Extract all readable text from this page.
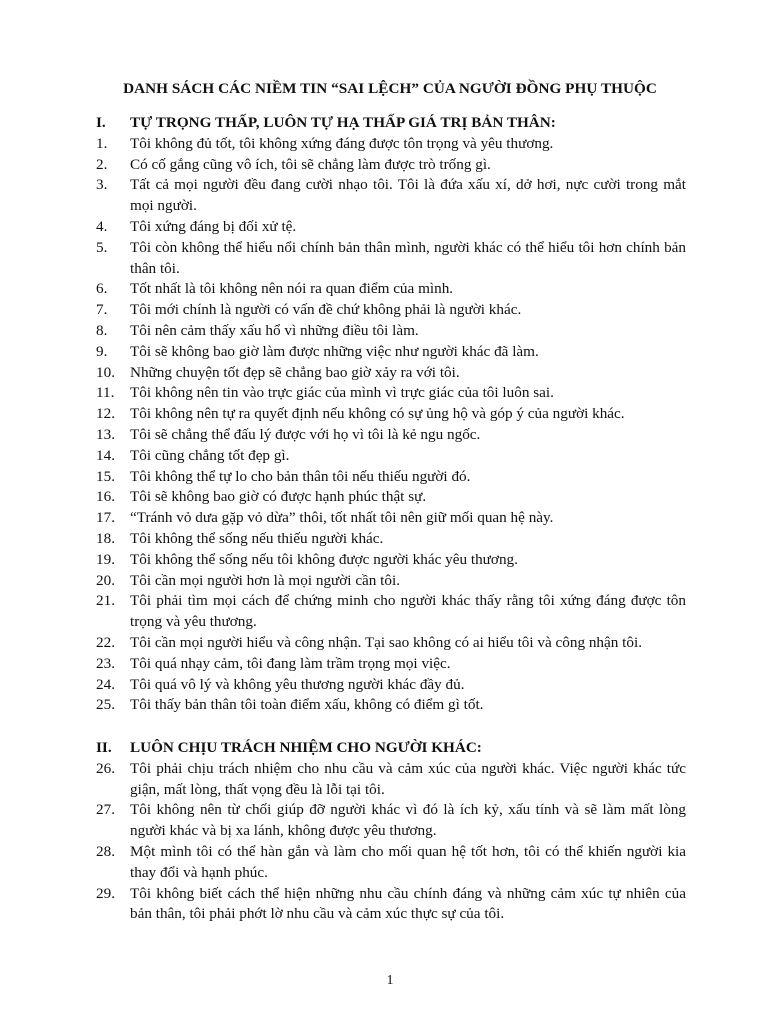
DANH SÁCH CÁC NIỀM TIN “SAI LỆCH” CỦA NGƯỜI ĐỒNG PHỤ THUỘC
I.	TỰ TRỌNG THẤP, LUÔN TỰ HẠ THẤP GIÁ TRỊ BẢN THÂN:
1.	Tôi không đủ tốt, tôi không xứng đáng được tôn trọng và yêu thương.
2.	Có cố gắng cũng vô ích, tôi sẽ chẳng làm được trò trống gì.
3.	Tất cả mọi người đều đang cười nhạo tôi. Tôi là đứa xấu xí, dở hơi, nực cười trong mắt mọi người.
4.	Tôi xứng đáng bị đối xử tệ.
5.	Tôi còn không thể hiểu nổi chính bản thân mình, người khác có thể hiểu tôi hơn chính bản thân tôi.
6.	Tốt nhất là tôi không nên nói ra quan điểm của mình.
7.	Tôi mới chính là người có vấn đề chứ không phải là người khác.
8.	Tôi nên cảm thấy xấu hổ vì những điều tôi làm.
9.	Tôi sẽ không bao giờ làm được những việc như người khác đã làm.
10. Những chuyện tốt đẹp sẽ chẳng bao giờ xảy ra với tôi.
11.	Tôi không nên tin vào trực giác của mình vì trực giác của tôi luôn sai.
12. Tôi không nên tự ra quyết định nếu không có sự ủng hộ và góp ý của người khác.
13. Tôi sẽ chẳng thể đấu lý được với họ vì tôi là kẻ ngu ngốc.
14. Tôi cũng chẳng tốt đẹp gì.
15. Tôi không thể tự lo cho bản thân tôi nếu thiếu người đó.
16. Tôi sẽ không bao giờ có được hạnh phúc thật sự.
17. “Tránh vỏ dưa gặp vỏ dừa” thôi, tốt nhất tôi nên giữ mối quan hệ này.
18. Tôi không thể sống nếu thiếu người khác.
19. Tôi không thể sống nếu tôi không được người khác yêu thương.
20. Tôi cần mọi người hơn là mọi người cần tôi.
21. Tôi phải tìm mọi cách để chứng minh cho người khác thấy rằng tôi xứng đáng được tôn trọng và yêu thương.
22. Tôi cần mọi người hiểu và công nhận. Tại sao không có ai hiểu tôi và công nhận tôi.
23. Tôi quá nhạy cảm, tôi đang làm trầm trọng mọi việc.
24. Tôi quá vô lý và không yêu thương người khác đầy đủ.
25. Tôi thấy bản thân tôi toàn điểm xấu, không có điểm gì tốt.
II.	LUÔN CHỊU TRÁCH NHIỆM CHO NGƯỜI KHÁC:
26. Tôi phải chịu trách nhiệm cho nhu cầu và cảm xúc của người khác. Việc người khác tức giận, mất lòng, thất vọng đều là lỗi tại tôi.
27. Tôi không nên từ chối giúp đỡ người khác vì đó là ích kỷ, xấu tính và sẽ làm mất lòng người khác và bị xa lánh, không được yêu thương.
28. Một mình tôi có thể hàn gắn và làm cho mối quan hệ tốt hơn, tôi có thể khiến người kia thay đổi và hạnh phúc.
29. Tôi không biết cách thể hiện những nhu cầu chính đáng và những cảm xúc tự nhiên của bản thân, tôi phải phớt lờ nhu cầu và cảm xúc thực sự của tôi.
1
